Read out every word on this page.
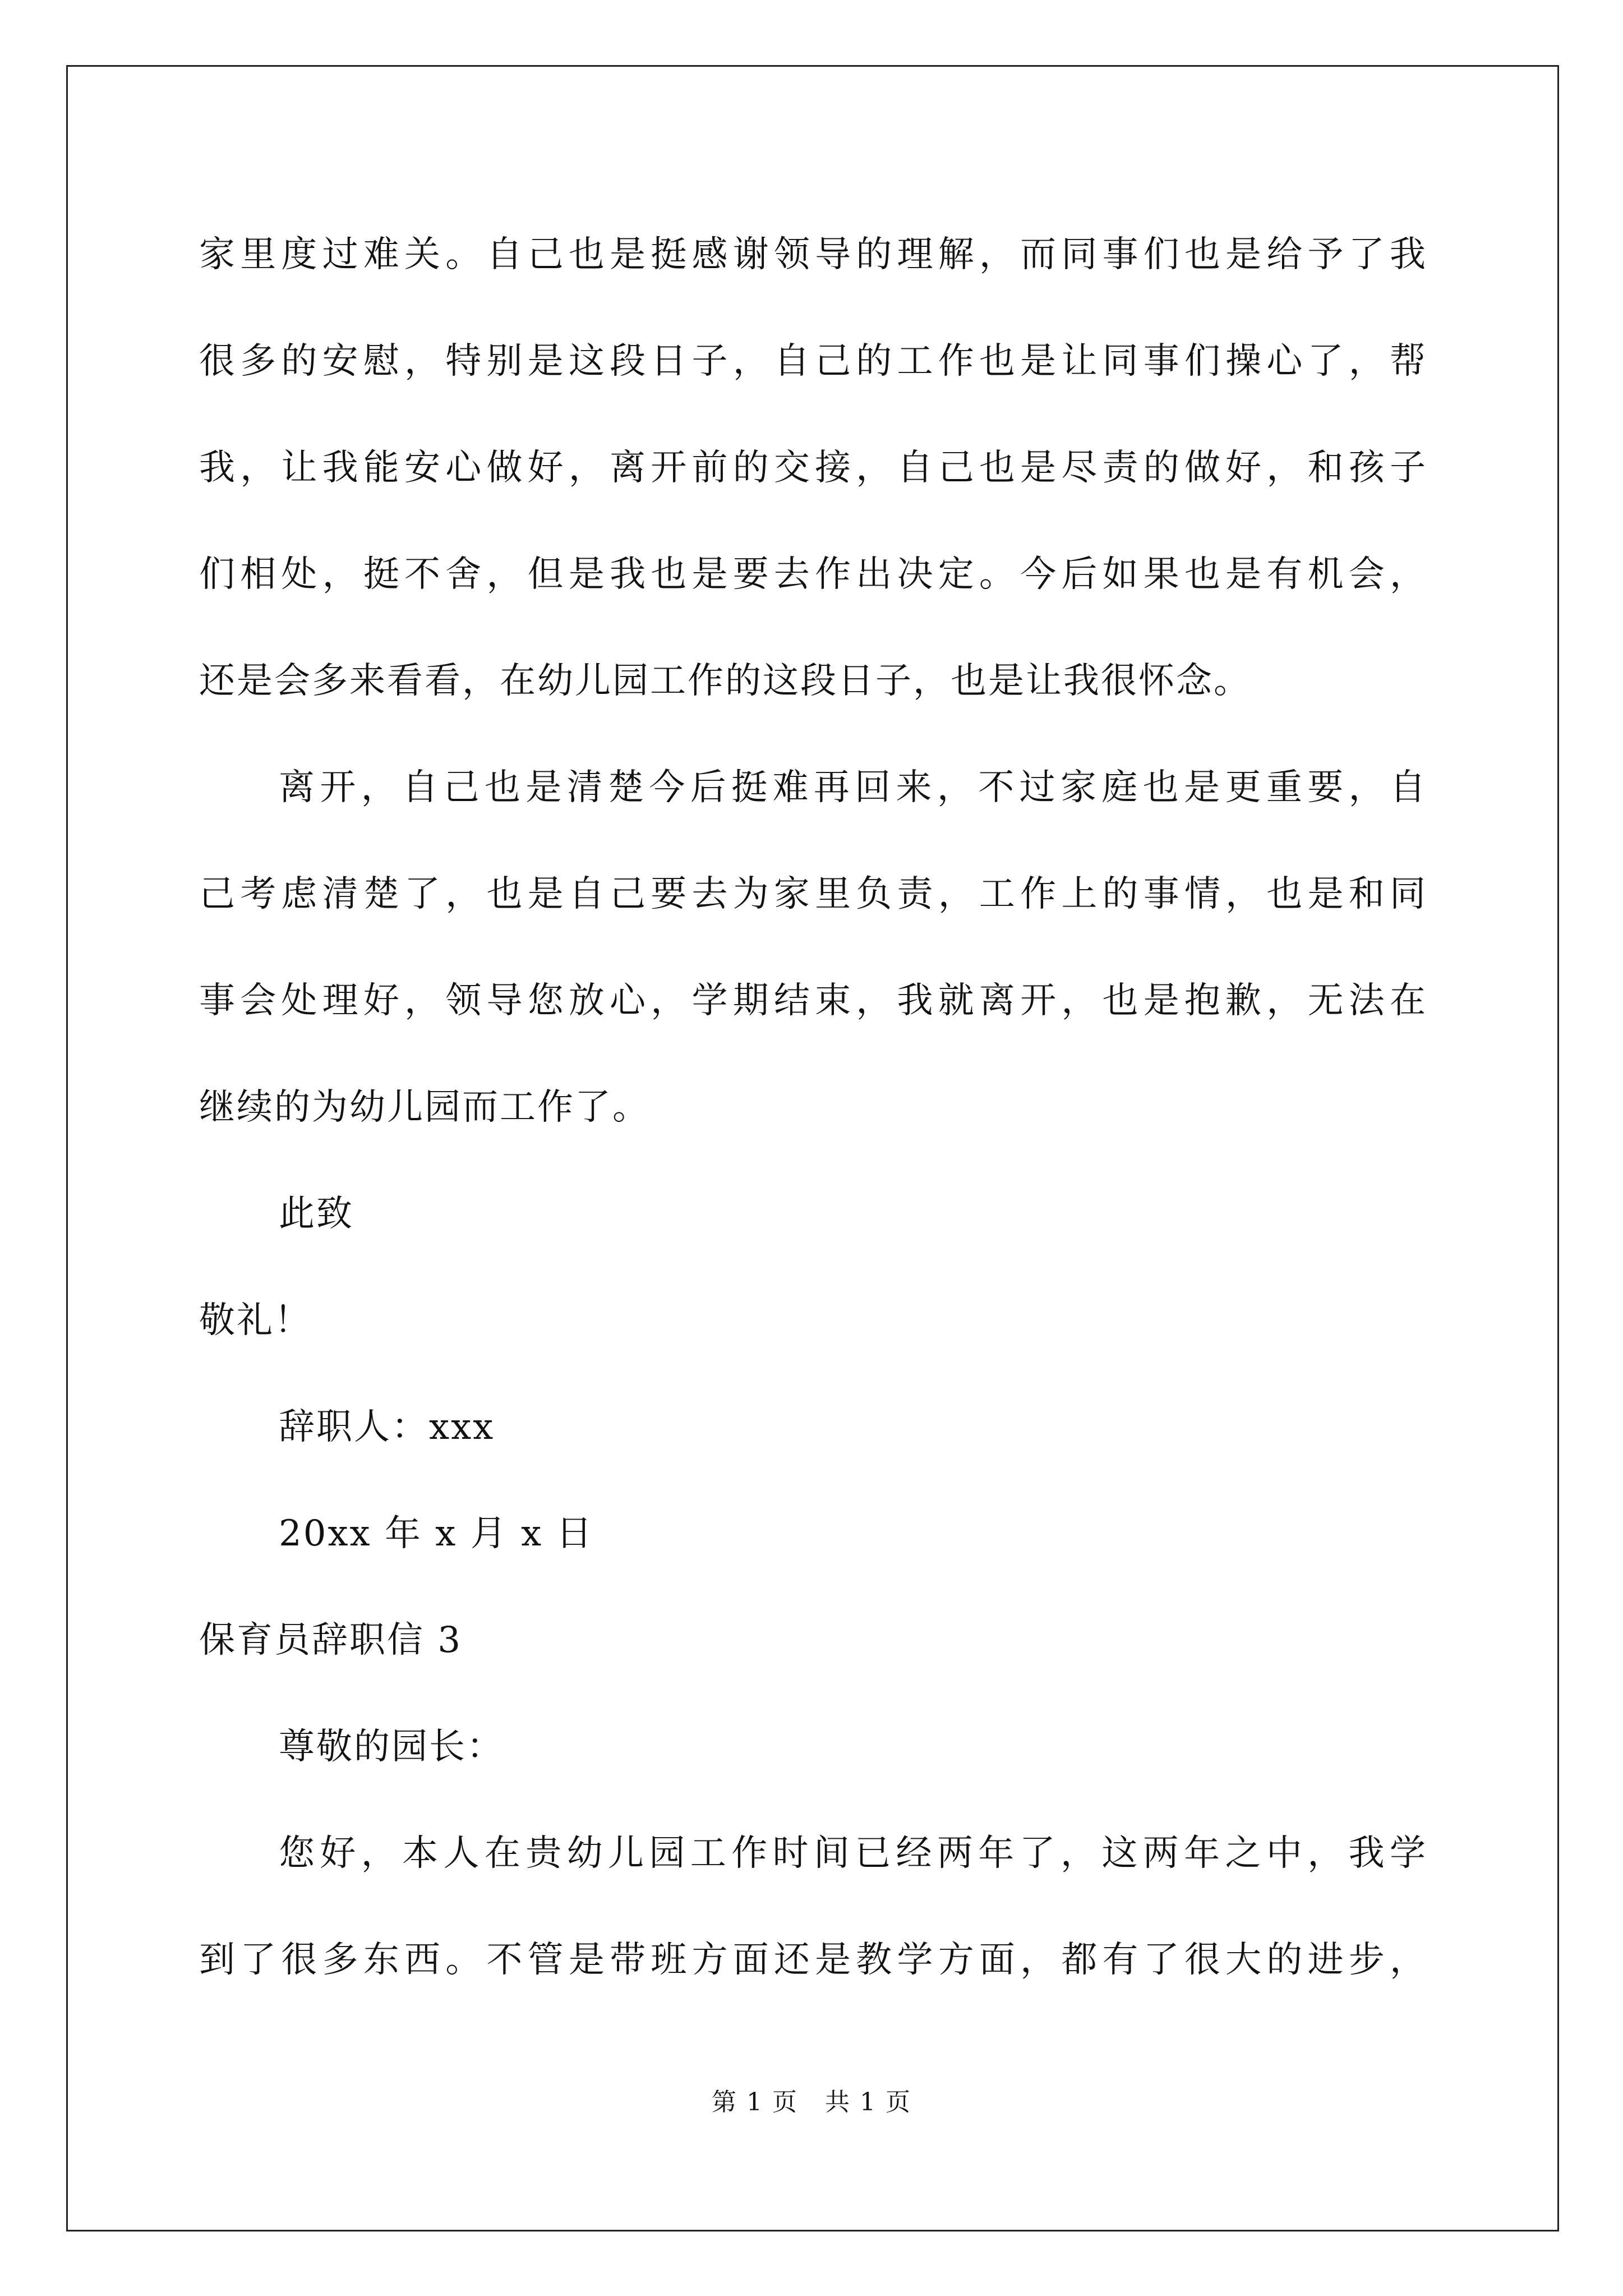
家里度过难关。自己也是挺感谢领导的理解，而同事们也是给予了我
很多的安慰，特别是这段日子，自己的工作也是让同事们操心了，帮
我，让我能安心做好，离开前的交接，自己也是尽责的做好，和孩子
们相处，挺不舍，但是我也是要去作出决定。今后如果也是有机会，
还是会多来看看，在幼儿园工作的这段日子，也是让我很怀念。
离开，自己也是清楚今后挺难再回来，不过家庭也是更重要，自
己考虑清楚了，也是自己要去为家里负责，工作上的事情，也是和同
事会处理好，领导您放心，学期结束，我就离开，也是抱歉，无法在
继续的为幼儿园而工作了。
此致
敬礼！
辞职人：xxx
20xx 年 x 月 x 日
保育员辞职信 3
尊敬的园长：
您好，本人在贵幼儿园工作时间已经两年了，这两年之中，我学
到了很多东西。不管是带班方面还是教学方面，都有了很大的进步，
第 1 页 共 1 页
